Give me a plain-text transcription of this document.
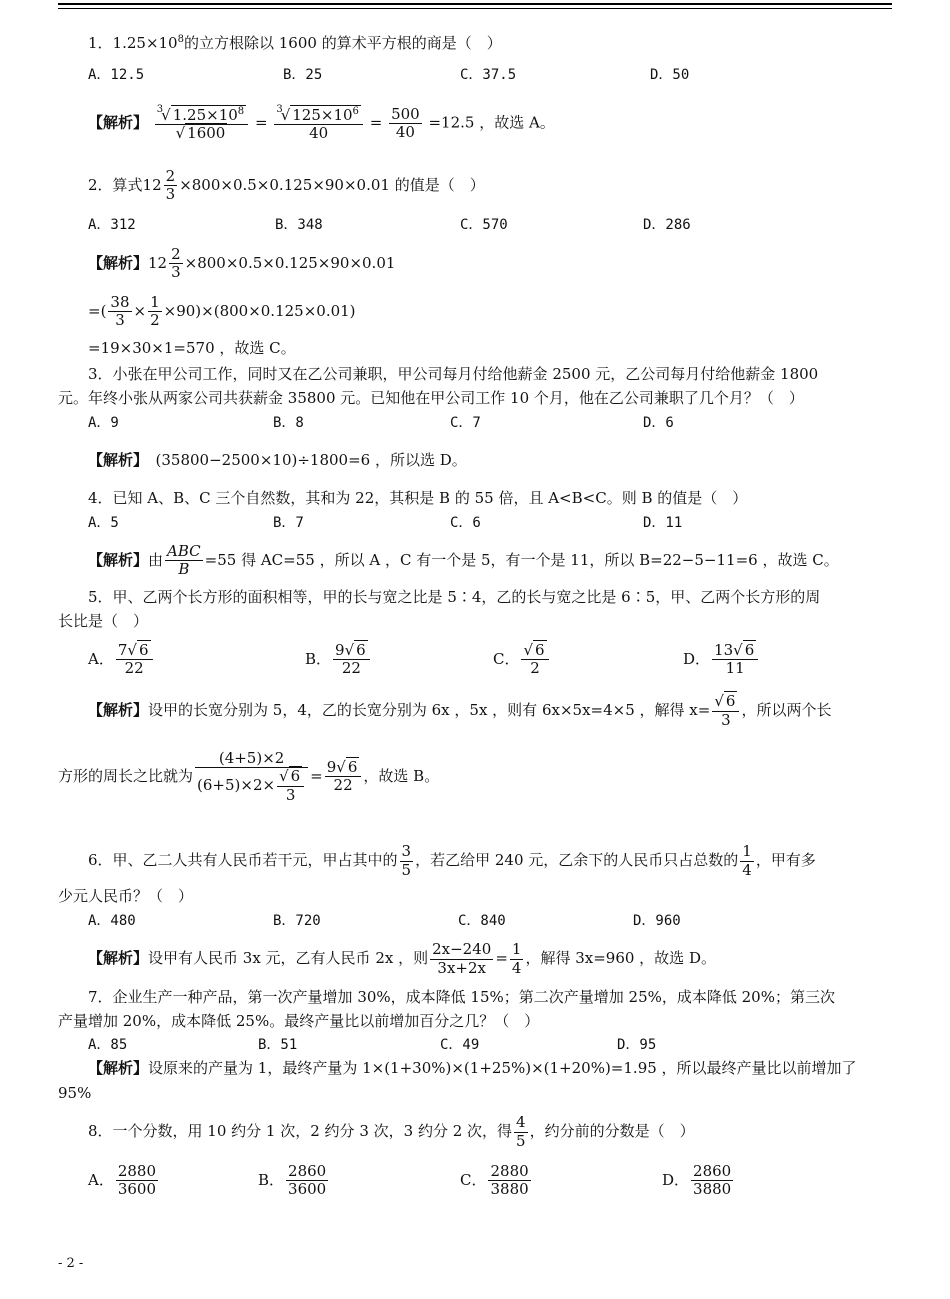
1．$1.25\times 10^8$的立方根除以 1600 的算术平方根的商是（　）
A．12.5	B．25	C．37.5	D．50
【解析】 $\frac{^3√ 1.25\times 10^8}{√ 1600} = \frac{^3√ 125\times 10^6}{40} = \frac{500}{40} =12.5$ ，故选 A。
2．算式$12 \frac{2}{3} \times 800\times 0.5\times 0.125\times 90\times 0.01$ 的值是（　）
A．312	B．348	C．570	D．286
【解析】$12 \frac{2}{3} \times 800\times 0.5\times 0.125\times 90\times 0.01$
=( $\frac{38}{3} \times \frac{1}{2} \times 90)\times(800\times 0.125\times 0.01)$
=19×30×1=570 ，故选 C。
3．小张在甲公司工作，同时又在乙公司兼职，甲公司每月付给他薪金 2500 元，乙公司每月付给他薪金 1800
元。年终小张从两家公司共获薪金 35800 元。已知他在甲公司工作 10 个月，他在乙公司兼职了几个月？（　）
A．9	B．8	C．7	D．6
【解析】　(35800−2500×10)÷1800=6 ，所以选 D。
4．已知 A、B、C 三个自然数，其和为 22，其积是 B 的 55 倍，且 A<B<C。则 B 的值是（　）
A．5	B．7	C．6	D．11
【解析】由 ABC
B
=55 得 AC=55 ，所以 A ，C 有一个是 5，有一个是 11，所以 B=22−5−11=6 ，故选 C。
5．甲、乙两个长方形的面积相等，甲的长与宽之比是 5∶4，乙的长与宽之比是 6∶5，甲、乙两个长方形的周
长比是（　）
A． $\frac{7√ 6}{22}$	B． $\frac{9√ 6}{22}$	C． $\frac{√ 6}{2}$	D． $\frac{13√ 6}{11}$
【解析】设甲的长宽分别为 5，4，乙的长宽分别为 6x ，5x ，则有 6x×5x=4×5 ，解得 $x= \frac{√ 6}{3}$ ，所以两个长
方形的周长之比就为 $\frac{(4+5)\times 2}{(6+5)\times 2\times \frac{√ 6}{3}} = \frac{9√ 6}{22}$ ，故选 B。
6．甲、乙二人共有人民币若干元，甲占其中的 $\frac{3}{5}$ ，若乙给甲 240 元，乙余下的人民币只占总数的 $\frac{1}{4}$ ，甲有多
少元人民币？（　）
A．480	B．720	C．840	D．960
【解析】设甲有人民币 3x 元，乙有人民币 2x ，则 $\frac{2x-240}{3x+2x} = \frac{1}{4}$ ，解得 3x=960 ，故选 D。
7．企业生产一种产品，第一次产量增加 30%，成本降低 15%；第二次产量增加 25%，成本降低 20%；第三次
产量增加 20%，成本降低 25%。最终产量比以前增加百分之几？（　）
A．85	B．51	C．49	D．95
【解析】设原来的产量为 1，最终产量为 1×(1+30%)×(1+25%)×(1+20%)=1.95 ，所以最终产量比以前增加了
95%
8．一个分数，用 10 约分 1 次，2 约分 3 次，3 约分 2 次，得 $\frac{4}{5}$ ，约分前的分数是（　）
A． $\frac{2880}{3600}$	B． $\frac{2860}{3600}$	C． $\frac{2880}{3880}$	D． $\frac{2860}{3880}$
- 2 -
